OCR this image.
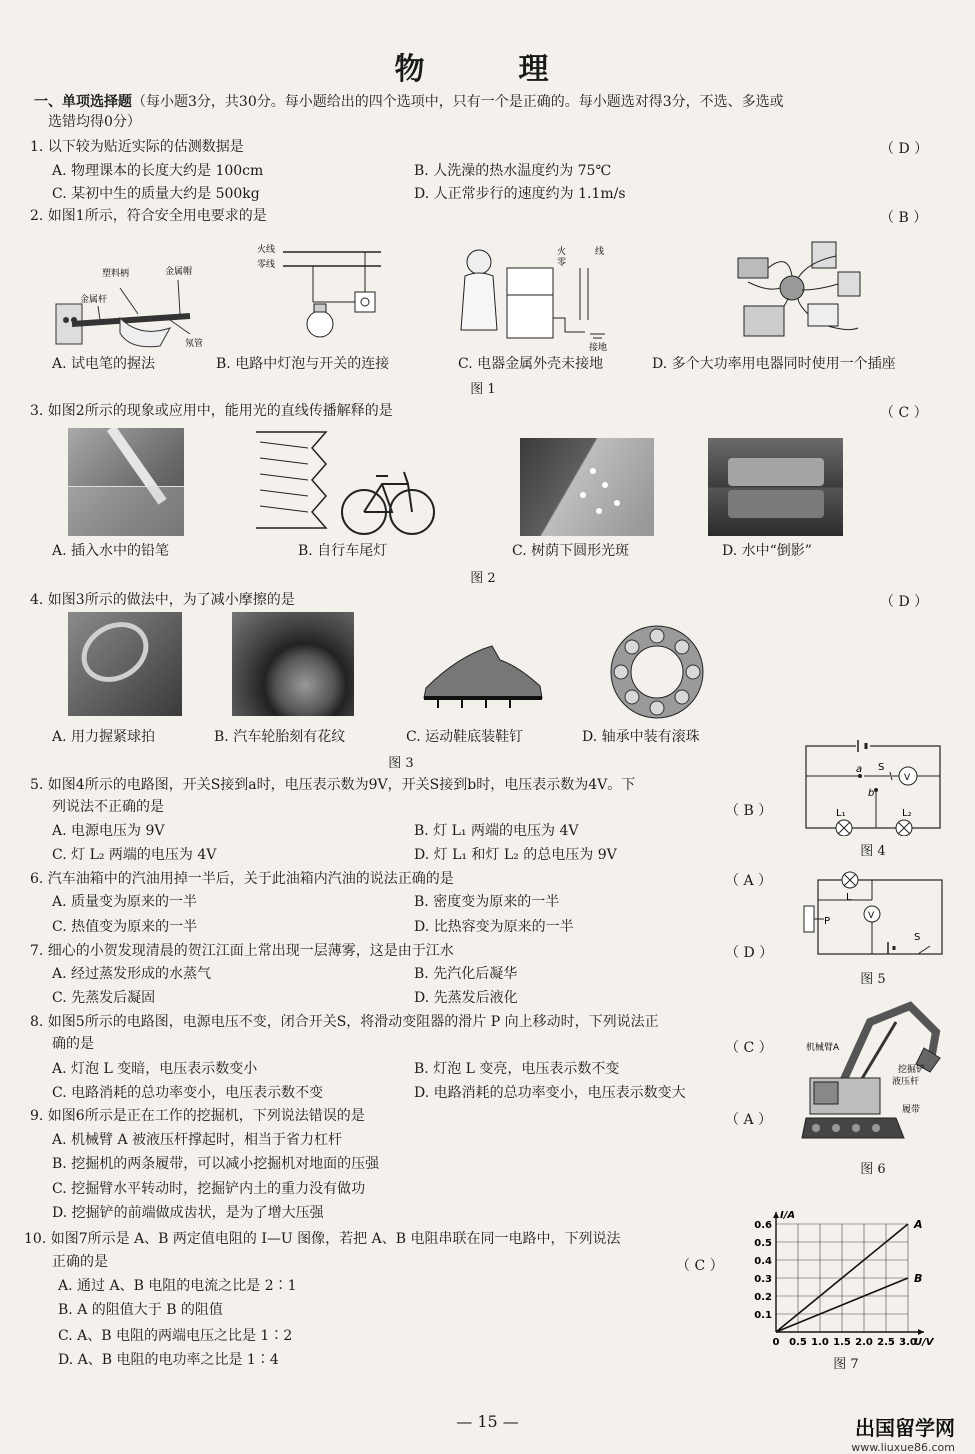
物　理
一、单项选择题（每小题3分，共30分。每小题给出的四个选项中，只有一个是正确的。每小题选对得3分，不选、多选或
选错均得0分）
1. 以下较为贴近实际的估测数据是	（ D ）
A. 物理课本的长度大约是 100cm	B. 人洗澡的热水温度约为 75℃
C. 某初中生的质量大约是 500kg	D. 人正常步行的速度约为 1.1m/s
2. 如图1所示，符合安全用电要求的是	（ B ）
塑料柄	金属帽
金属杆
氖管
火线
零线
火
零
线
接地
A. 试电笔的握法	B. 电路中灯泡与开关的连接	C. 电器金属外壳未接地	D. 多个大功率用电器同时使用一个插座
图 1
3. 如图2所示的现象或应用中，能用光的直线传播解释的是	（ C ）
A. 插入水中的铅笔	B. 自行车尾灯	C. 树荫下圆形光斑	D. 水中“倒影”
图 2
4. 如图3所示的做法中，为了减小摩擦的是	（ D ）
A. 用力握紧球拍	B. 汽车轮胎刻有花纹	C. 运动鞋底装鞋钉	D. 轴承中装有滚珠
图 3
5. 如图4所示的电路图，开关S接到a时，电压表示数为9V，开关S接到b时，电压表示数为4V。下
列说法不正确的是	（ B ）
A. 电源电压为 9V	B. 灯 L₁ 两端的电压为 4V
C. 灯 L₂ 两端的电压为 4V	D. 灯 L₁ 和灯 L₂ 的总电压为 9V
a S
b
V
L₁	L₂
图 4
6. 汽车油箱中的汽油用掉一半后，关于此油箱内汽油的说法正确的是	（ A ）
A. 质量变为原来的一半	B. 密度变为原来的一半
C. 热值变为原来的一半	D. 比热容变为原来的一半
L
V
P
S
图 5
7. 细心的小贺发现清晨的贺江江面上常出现一层薄雾，这是由于江水	（ D ）
A. 经过蒸发形成的水蒸气	B. 先汽化后凝华
C. 先蒸发后凝固	D. 先蒸发后液化
8. 如图5所示的电路图，电源电压不变，闭合开关S，将滑动变阻器的滑片 P 向上移动时，下列说法正
确的是	（ C ）
A. 灯泡 L 变暗，电压表示数变小	B. 灯泡 L 变亮，电压表示数不变
C. 电路消耗的总功率变小，电压表示数不变	D. 电路消耗的总功率变小，电压表示数变大
9. 如图6所示是正在工作的挖掘机，下列说法错误的是	（ A ）
A. 机械臂 A 被液压杆撑起时，相当于省力杠杆
B. 挖掘机的两条履带，可以减小挖掘机对地面的压强
C. 挖掘臂水平转动时，挖掘铲内土的重力没有做功
D. 挖掘铲的前端做成齿状，是为了增大压强
机械臂A
挖掘铲
液压杆
履带
图 6
10. 如图7所示是 A、B 两定值电阻的 I—U 图像，若把 A、B 电阻串联在同一电路中，下列说法
正确的是	（ C ）
A. 通过 A、B 电阻的电流之比是 2∶1
B. A 的阻值大于 B 的阻值
C. A、B 电阻的两端电压之比是 1∶2
D. A、B 电阻的电功率之比是 1∶4
0 0.5 1.0 1.5 2.0 2.5 3.0
0.1
0.2
0.3
0.4
0.5
0.6
I/A
U/V
A
B
图 7
— 15 —	出国留学网
www.liuxue86.com
